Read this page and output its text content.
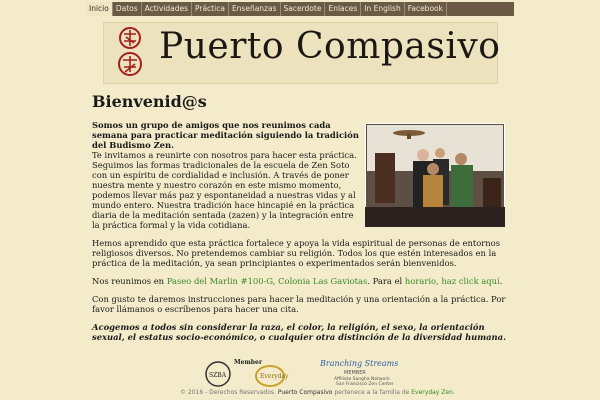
Inicio Datos Actividades Práctica Enseñanzas Sacerdote Enlaces In English Facebook
Puerto Compasivo
Bienvenid@s

Somos un grupo de amigos que nos reunimos cada semana para practicar meditación siguiendo la tradición del Budismo Zen.
Te invitamos a reunirte con nosotros para hacer esta práctica. Seguimos las formas tradicionales de la escuela de Zen Soto con un espíritu de cordialidad e inclusión. A través de poner nuestra mente y nuestro corazón en este mismo momento, podemos llevar más paz y espontaneidad a nuestras vidas y al mundo entero. Nuestra tradición hace hincapié en la práctica diaria de la meditación sentada (zazen) y la integración entre la práctica formal y la vida cotidiana.

Hemos aprendido que esta práctica fortalece y apoya la vida espiritual de personas de entornos religiosos diversos. No pretendemos cambiar su religión. Todos los que estén interesados en la práctica de la meditación, ya sean principiantes o experimentados serán bienvenidos.

Nos reunimos en Paseo del Marlin #100-G, Colonia Las Gaviotas. Para el horario, haz click aquí.

Con gusto te daremos instrucciones para hacer la meditación y una orientación a la práctica. Por favor llámanos o escríbenos para hacer una cita.

Acogemos a todos sin considerar la raza, el color, la religión, el sexo, la orientación sexual, el estatus socio-económico, o cualquier otra distinción de la diversidad humana.

Member
SZBA	Everyday
Branching Streams
MEMBER
Affiliate Sangha Network
San Francisco Zen Center
© 2016 - Derechos Reservados. Puerto Compasivo pertenece a la familia de Everyday Zen.
